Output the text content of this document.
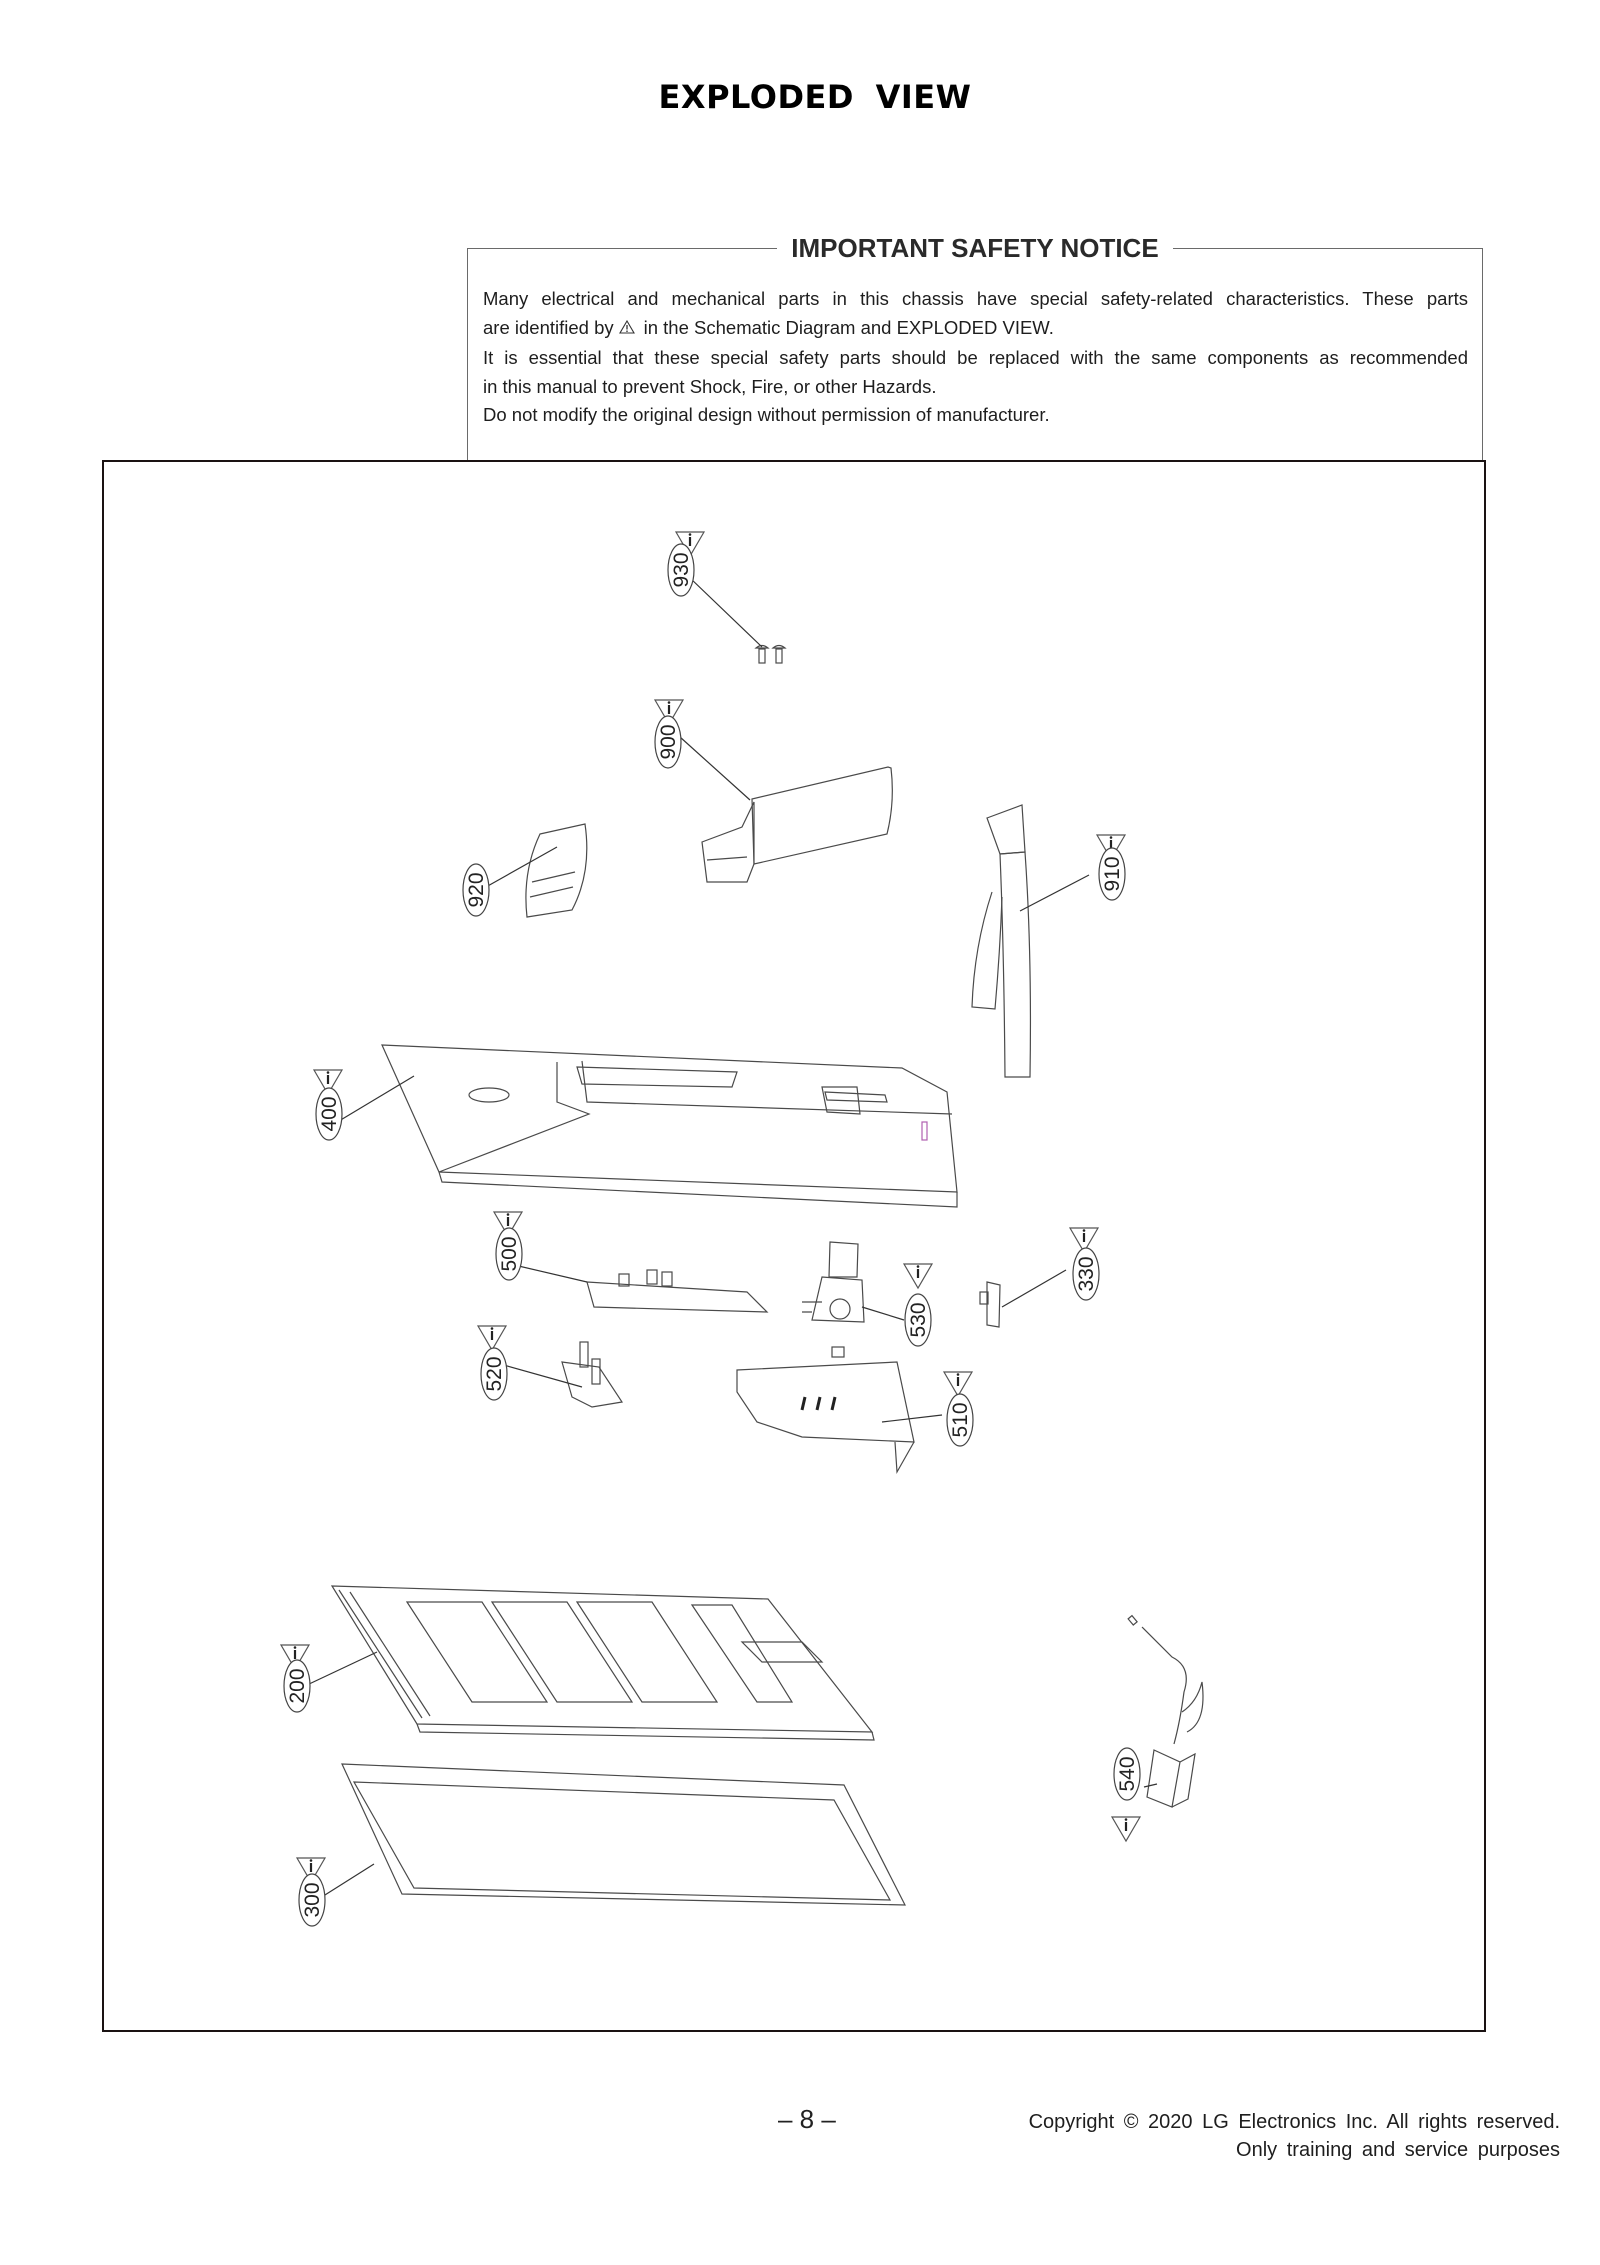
EXPLODED VIEW
IMPORTANT SAFETY NOTICE
Many electrical and mechanical parts in this chassis have special safety-related characteristics. These parts
are identified by in the Schematic Diagram and EXPLODED VIEW.
It is essential that these special safety parts should be replaced with the same components as recommended
in this manual to prevent Shock, Fire, or other Hazards.
Do not modify the original design without permission of manufacturer.
930
900
920	910
400
500
530
330
520
510
200
540
300
– 8 –	Copyright © 2020 LG Electronics Inc. All rights reserved.
Only training and service purposes
